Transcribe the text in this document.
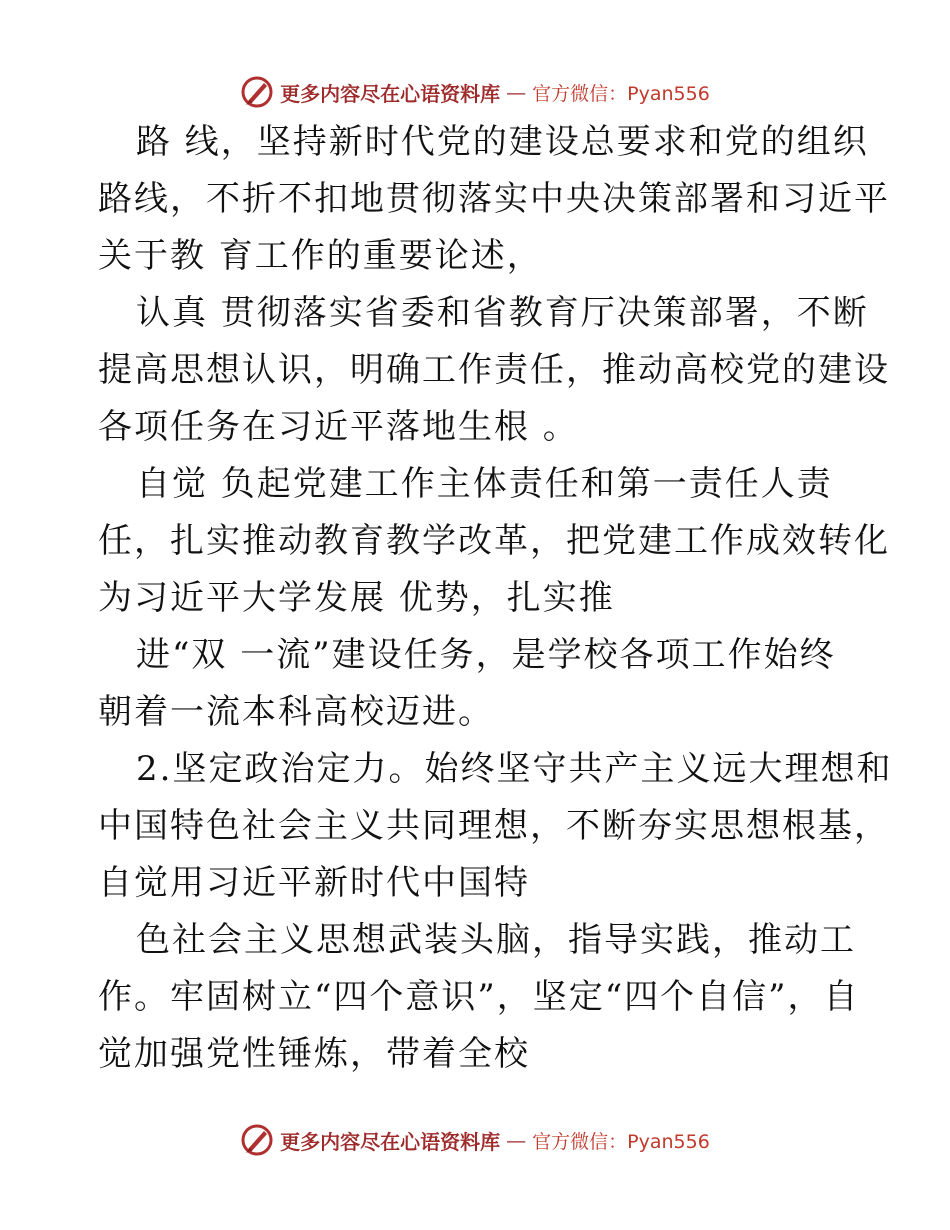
更多内容尽在心语资料库 — 官方微信：Pyan556
路 线，坚持新时代党的建设总要求和党的组织
路线，不折不扣地贯彻落实中央决策部署和习近平
关于教 育工作的重要论述，
认真 贯彻落实省委和省教育厅决策部署，不断
提高思想认识，明确工作责任，推动高校党的建设
各项任务在习近平落地生根 。
自觉 负起党建工作主体责任和第一责任人责
任，扎实推动教育教学改革，把党建工作成效转化
为习近平大学发展 优势，扎实推
进“双 一流”建设任务，是学校各项工作始终
朝着一流本科高校迈进。
2.坚定政治定力。始终坚守共产主义远大理想和
中国特色社会主义共同理想，不断夯实思想根基，
自觉用习近平新时代中国特
色社会主义思想武装头脑，指导实践，推动工
作。牢固树立“四个意识”，坚定“四个自信”，自
觉加强党性锤炼，带着全校
更多内容尽在心语资料库 — 官方微信：Pyan556
